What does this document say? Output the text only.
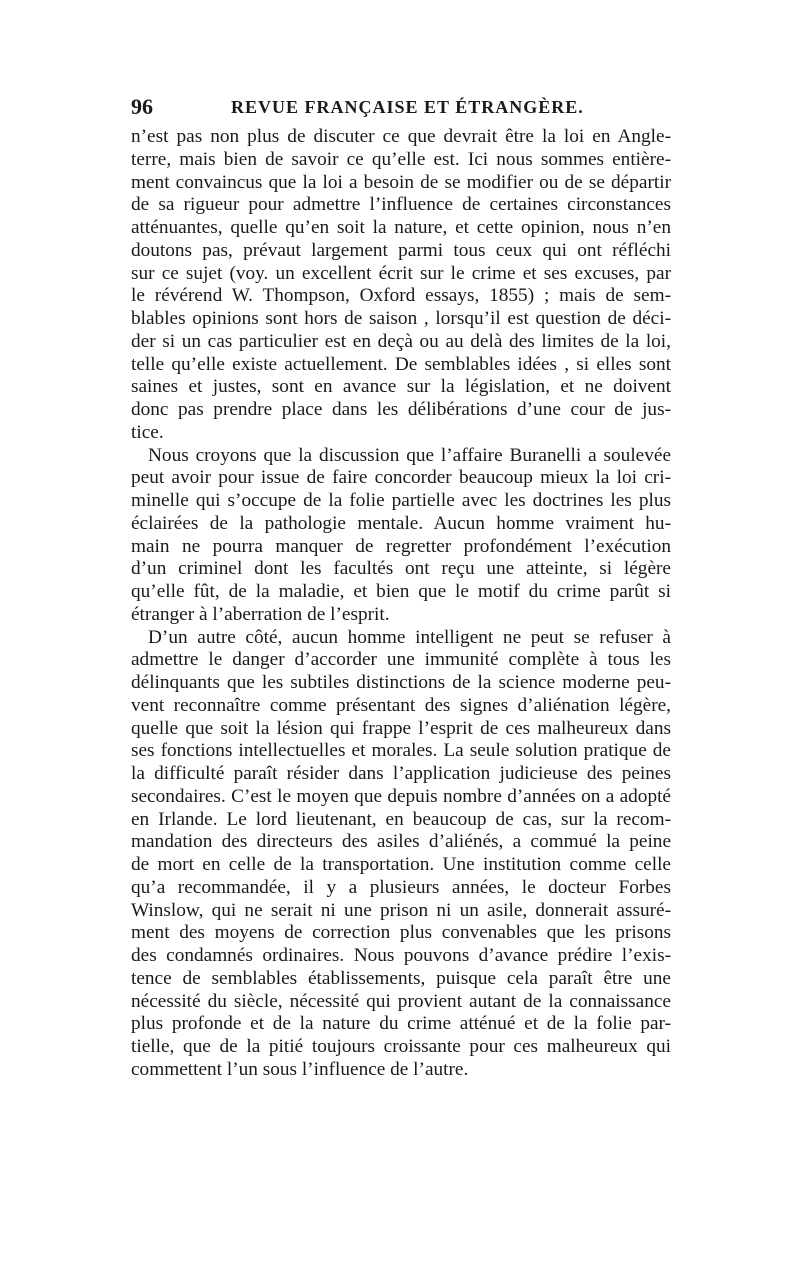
96	REVUE FRANÇAISE ET ÉTRANGÈRE.

n’est pas non plus de discuter ce que devrait être la loi en Angle-
terre, mais bien de savoir ce qu’elle est. Ici nous sommes entière-
ment convaincus que la loi a besoin de se modifier ou de se départir
de sa rigueur pour admettre l’influence de certaines circonstances
atténuantes, quelle qu’en soit la nature, et cette opinion, nous n’en
doutons pas, prévaut largement parmi tous ceux qui ont réfléchi
sur ce sujet (voy. un excellent écrit sur le crime et ses excuses, par
le révérend W. Thompson, Oxford essays, 1855) ; mais de sem-
blables opinions sont hors de saison , lorsqu’il est question de déci-
der si un cas particulier est en deçà ou au delà des limites de la loi,
telle qu’elle existe actuellement. De semblables idées , si elles sont
saines et justes, sont en avance sur la législation, et ne doivent
donc pas prendre place dans les délibérations d’une cour de jus-
tice.

Nous croyons que la discussion que l’affaire Buranelli a soulevée
peut avoir pour issue de faire concorder beaucoup mieux la loi cri-
minelle qui s’occupe de la folie partielle avec les doctrines les plus
éclairées de la pathologie mentale. Aucun homme vraiment hu-
main ne pourra manquer de regretter profondément l’exécution
d’un criminel dont les facultés ont reçu une atteinte, si légère
qu’elle fût, de la maladie, et bien que le motif du crime parût si
étranger à l’aberration de l’esprit.

D’un autre côté, aucun homme intelligent ne peut se refuser à
admettre le danger d’accorder une immunité complète à tous les
délinquants que les subtiles distinctions de la science moderne peu-
vent reconnaître comme présentant des signes d’aliénation légère,
quelle que soit la lésion qui frappe l’esprit de ces malheureux dans
ses fonctions intellectuelles et morales. La seule solution pratique de
la difficulté paraît résider dans l’application judicieuse des peines
secondaires. C’est le moyen que depuis nombre d’années on a adopté
en Irlande. Le lord lieutenant, en beaucoup de cas, sur la recom-
mandation des directeurs des asiles d’aliénés, a commué la peine
de mort en celle de la transportation. Une institution comme celle
qu’a recommandée, il y a plusieurs années, le docteur Forbes
Winslow, qui ne serait ni une prison ni un asile, donnerait assuré-
ment des moyens de correction plus convenables que les prisons
des condamnés ordinaires. Nous pouvons d’avance prédire l’exis-
tence de semblables établissements, puisque cela paraît être une
nécessité du siècle, nécessité qui provient autant de la connaissance
plus profonde et de la nature du crime atténué et de la folie par-
tielle, que de la pitié toujours croissante pour ces malheureux qui
commettent l’un sous l’influence de l’autre.
